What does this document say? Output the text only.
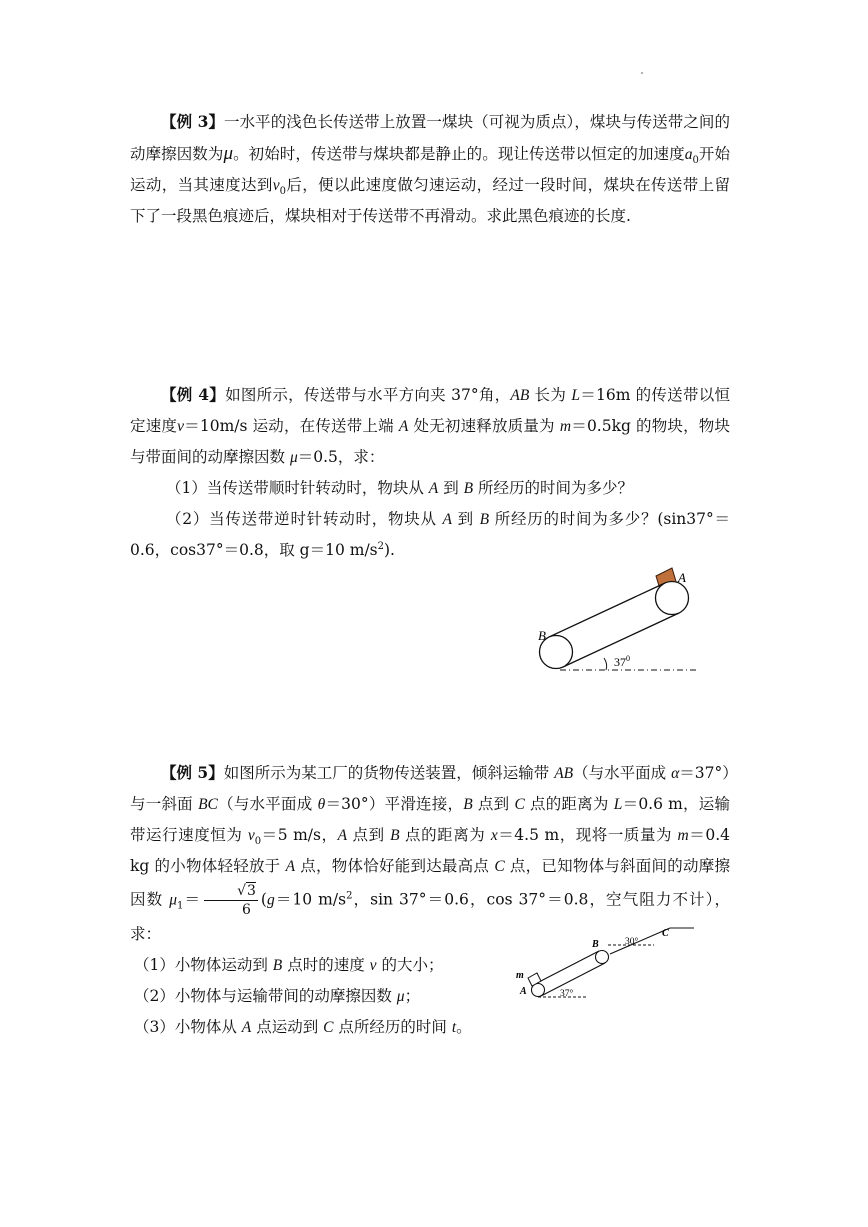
【例 3】一水平的浅色长传送带上放置一煤块（可视为质点），煤块与传送带之间的动摩擦因数为μ。初始时，传送带与煤块都是静止的。现让传送带以恒定的加速度$a_0$开始运动，当其速度达到$v_0$后，便以此速度做匀速运动，经过一段时间，煤块在传送带上留下了一段黑色痕迹后，煤块相对于传送带不再滑动。求此黑色痕迹的长度.

【例 4】如图所示，传送带与水平方向夹 37°角，AB 长为 L＝16m 的传送带以恒定速度v＝10m/s 运动，在传送带上端 A 处无初速释放质量为 m＝0.5kg 的物块，物块与带面间的动摩擦因数 μ＝0.5，求：

（1）当传送带顺时针转动时，物块从 A 到 B 所经历的时间为多少？
（2）当传送带逆时针转动时，物块从 A 到 B 所经历的时间为多少？(sin37°＝0.6，cos37°＝0.8，取 g＝10 $m/s^2$).
A
B
$37^0$

【例 5】如图所示为某工厂的货物传送装置，倾斜运输带 AB（与水平面成 α＝37°）与一斜面 BC（与水平面成 θ＝30°）平滑连接，B 点到 C 点的距离为 L＝0.6 m，运输带运行速度恒为 $v_0=5$ m/s，A 点到 B 点的距离为 x＝4.5 m，现将一质量为 m＝0.4 kg 的小物体轻轻放于 A 点，物体恰好能到达最高点 C 点，已知物体与斜面间的动摩擦因数 $\mu_1= \frac{√3}{6} (g=10$ $m/s^2$，sin 37°＝0.6，cos 37°＝0.8，空气阻力不计），求：

（1）小物体运动到 B 点时的速度 v 的大小；
（2）小物体与运输带间的动摩擦因数 μ；
（3）小物体从 A 点运动到 C 点所经历的时间 t。
m
A
B
C
37°
30°
